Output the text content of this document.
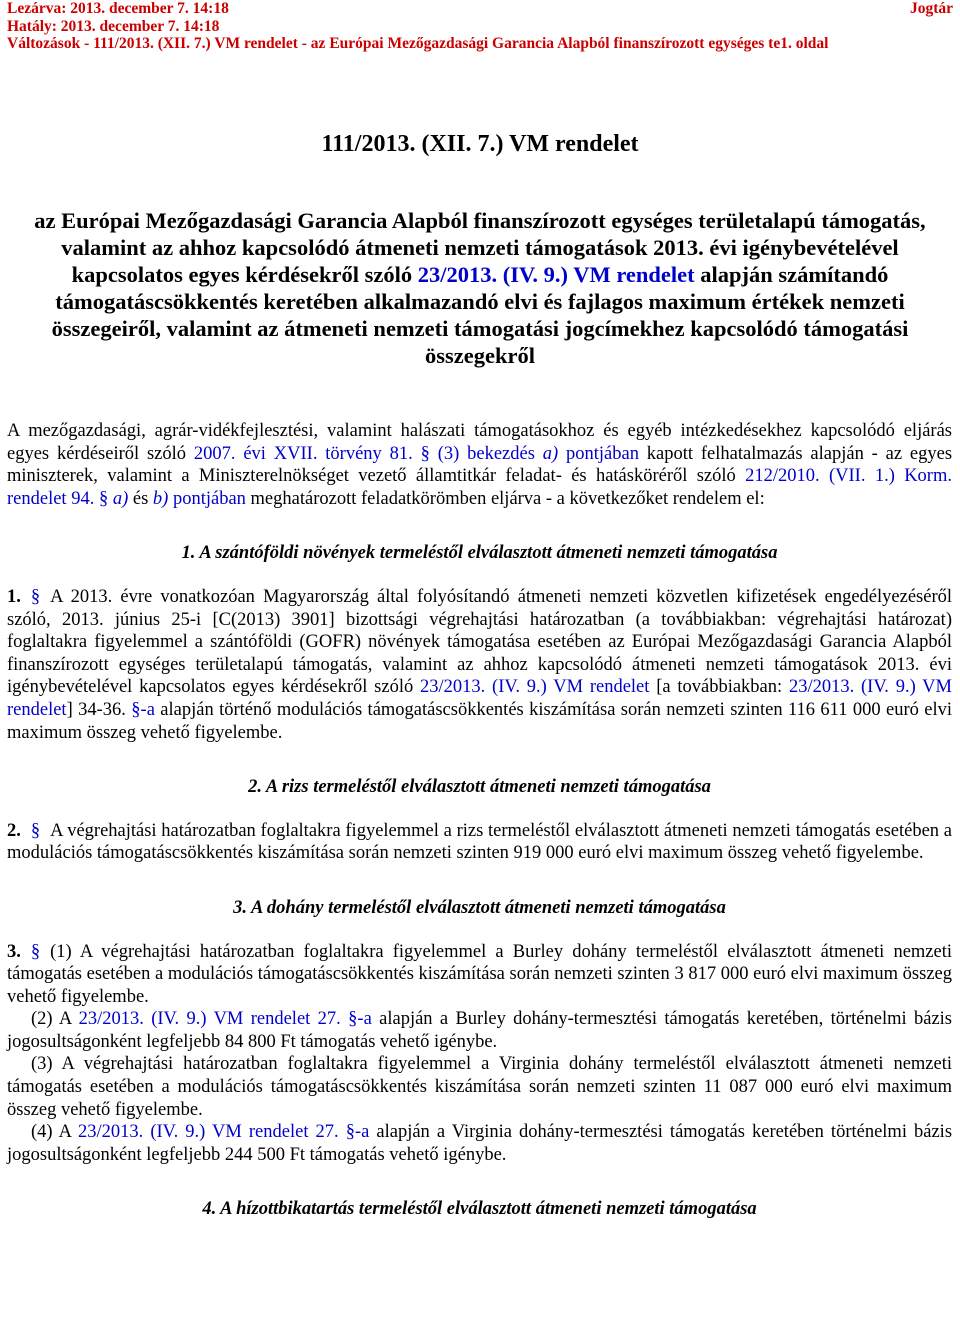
Lezárva: 2013. december 7. 14:18	Jogtár
Hatály: 2013. december 7. 14:18
Változások - 111/2013. (XII. 7.) VM rendelet - az Európai Mezőgazdasági Garancia Alapból finanszírozott egységes te1. oldal
111/2013. (XII. 7.) VM rendelet
az Európai Mezőgazdasági Garancia Alapból finanszírozott egységes területalapú támogatás, valamint az ahhoz kapcsolódó átmeneti nemzeti támogatások 2013. évi igénybevételével kapcsolatos egyes kérdésekről szóló 23/2013. (IV. 9.) VM rendelet alapján számítandó támogatáscsökkentés keretében alkalmazandó elvi és fajlagos maximum értékek nemzeti összegeiről, valamint az átmeneti nemzeti támogatási jogcímekhez kapcsolódó támogatási összegekről

A mezőgazdasági, agrár-vidékfejlesztési, valamint halászati támogatásokhoz és egyéb intézkedésekhez kapcsolódó eljárás egyes kérdéseiről szóló 2007. évi XVII. törvény 81. § (3) bekezdés a) pontjában kapott felhatalmazás alapján - az egyes miniszterek, valamint a Miniszterelnökséget vezető államtitkár feladat- és hatásköréről szóló 212/2010. (VII. 1.) Korm. rendelet 94. § a) és b) pontjában meghatározott feladatkörömben eljárva - a következőket rendelem el:

1. A szántóföldi növények termeléstől elválasztott átmeneti nemzeti támogatása

1. § A 2013. évre vonatkozóan Magyarország által folyósítandó átmeneti nemzeti közvetlen kifizetések engedélyezéséről szóló, 2013. június 25-i [C(2013) 3901] bizottsági végrehajtási határozatban (a továbbiakban: végrehajtási határozat) foglaltakra figyelemmel a szántóföldi (GOFR) növények támogatása esetében az Európai Mezőgazdasági Garancia Alapból finanszírozott egységes területalapú támogatás, valamint az ahhoz kapcsolódó átmeneti nemzeti támogatások 2013. évi igénybevételével kapcsolatos egyes kérdésekről szóló 23/2013. (IV. 9.) VM rendelet [a továbbiakban: 23/2013. (IV. 9.) VM rendelet] 34-36. §-a alapján történő modulációs támogatáscsökkentés kiszámítása során nemzeti szinten 116 611 000 euró elvi maximum összeg vehető figyelembe.

2. A rizs termeléstől elválasztott átmeneti nemzeti támogatása

2. § A végrehajtási határozatban foglaltakra figyelemmel a rizs termeléstől elválasztott átmeneti nemzeti támogatás esetében a modulációs támogatáscsökkentés kiszámítása során nemzeti szinten 919 000 euró elvi maximum összeg vehető figyelembe.

3. A dohány termeléstől elválasztott átmeneti nemzeti támogatása

3. § (1) A végrehajtási határozatban foglaltakra figyelemmel a Burley dohány termeléstől elválasztott átmeneti nemzeti támogatás esetében a modulációs támogatáscsökkentés kiszámítása során nemzeti szinten 3 817 000 euró elvi maximum összeg vehető figyelembe.

(2) A 23/2013. (IV. 9.) VM rendelet 27. §-a alapján a Burley dohány-termesztési támogatás keretében, történelmi bázis jogosultságonként legfeljebb 84 800 Ft támogatás vehető igénybe.

(3) A végrehajtási határozatban foglaltakra figyelemmel a Virginia dohány termeléstől elválasztott átmeneti nemzeti támogatás esetében a modulációs támogatáscsökkentés kiszámítása során nemzeti szinten 11 087 000 euró elvi maximum összeg vehető figyelembe.

(4) A 23/2013. (IV. 9.) VM rendelet 27. §-a alapján a Virginia dohány-termesztési támogatás keretében történelmi bázis jogosultságonként legfeljebb 244 500 Ft támogatás vehető igénybe.

4. A hízottbikatartás termeléstől elválasztott átmeneti nemzeti támogatása
